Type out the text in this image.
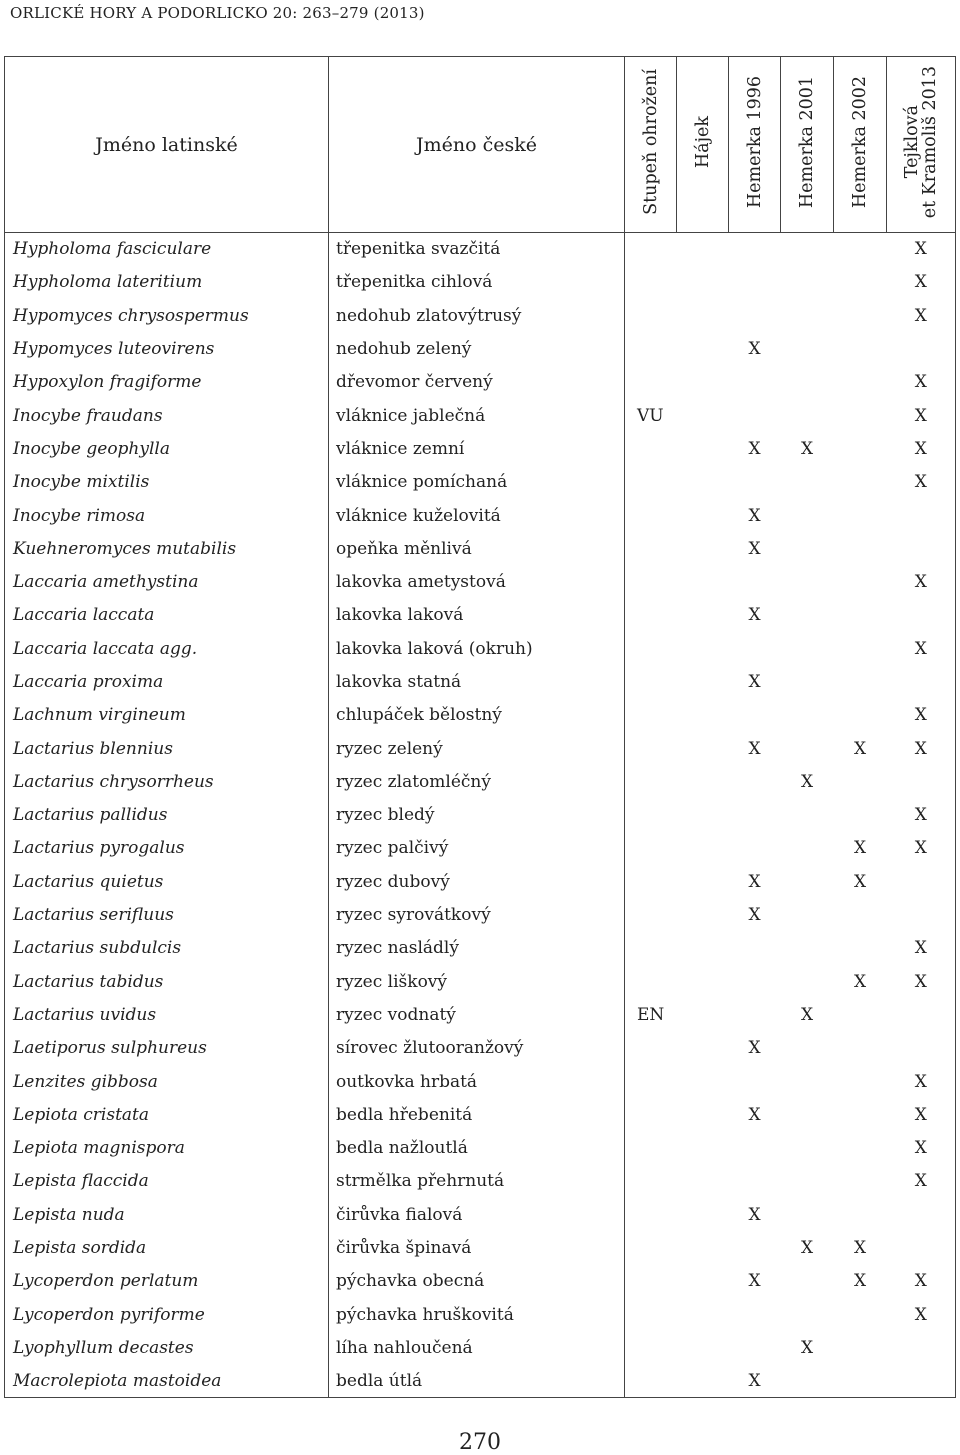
ORLICKÉ HORY A PODORLICKO 20: 263–279 (2013)
Jméno latinské	Jméno české	Stupeň ohrožení	Hájek	Hemerka 1996	Hemerka 2001	Hemerka 2002	Tejklová
et Kramoliš 2013
Hypholoma fasciculare	třepenitka svazčitá						X
Hypholoma lateritium	třepenitka cihlová						X
Hypomyces chrysospermus	nedohub zlatovýtrusý						X
Hypomyces luteovirens	nedohub zelený			X			
Hypoxylon fragiforme	dřevomor červený						X
Inocybe fraudans	vláknice jablečná	VU					X
Inocybe geophylla	vláknice zemní			X	X		X
Inocybe mixtilis	vláknice pomíchaná						X
Inocybe rimosa	vláknice kuželovitá			X			
Kuehneromyces mutabilis	opeňka měnlivá			X			
Laccaria amethystina	lakovka ametystová						X
Laccaria laccata	lakovka laková			X			
Laccaria laccata agg.	lakovka laková (okruh)						X
Laccaria proxima	lakovka statná			X			
Lachnum virgineum	chlupáček bělostný						X
Lactarius blennius	ryzec zelený			X		X	X
Lactarius chrysorrheus	ryzec zlatomléčný				X		
Lactarius pallidus	ryzec bledý						X
Lactarius pyrogalus	ryzec palčivý					X	X
Lactarius quietus	ryzec dubový			X		X	
Lactarius serifluus	ryzec syrovátkový			X			
Lactarius subdulcis	ryzec nasládlý						X
Lactarius tabidus	ryzec liškový					X	X
Lactarius uvidus	ryzec vodnatý	EN			X		
Laetiporus sulphureus	sírovec žlutooranžový			X			
Lenzites gibbosa	outkovka hrbatá						X
Lepiota cristata	bedla hřebenitá			X			X
Lepiota magnispora	bedla nažloutlá						X
Lepista flaccida	strmělka přehrnutá						X
Lepista nuda	čirůvka fialová			X			
Lepista sordida	čirůvka špinavá				X	X	
Lycoperdon perlatum	pýchavka obecná			X		X	X
Lycoperdon pyriforme	pýchavka hruškovitá						X
Lyophyllum decastes	líha nahloučená				X		
Macrolepiota mastoidea	bedla útlá			X			
270
